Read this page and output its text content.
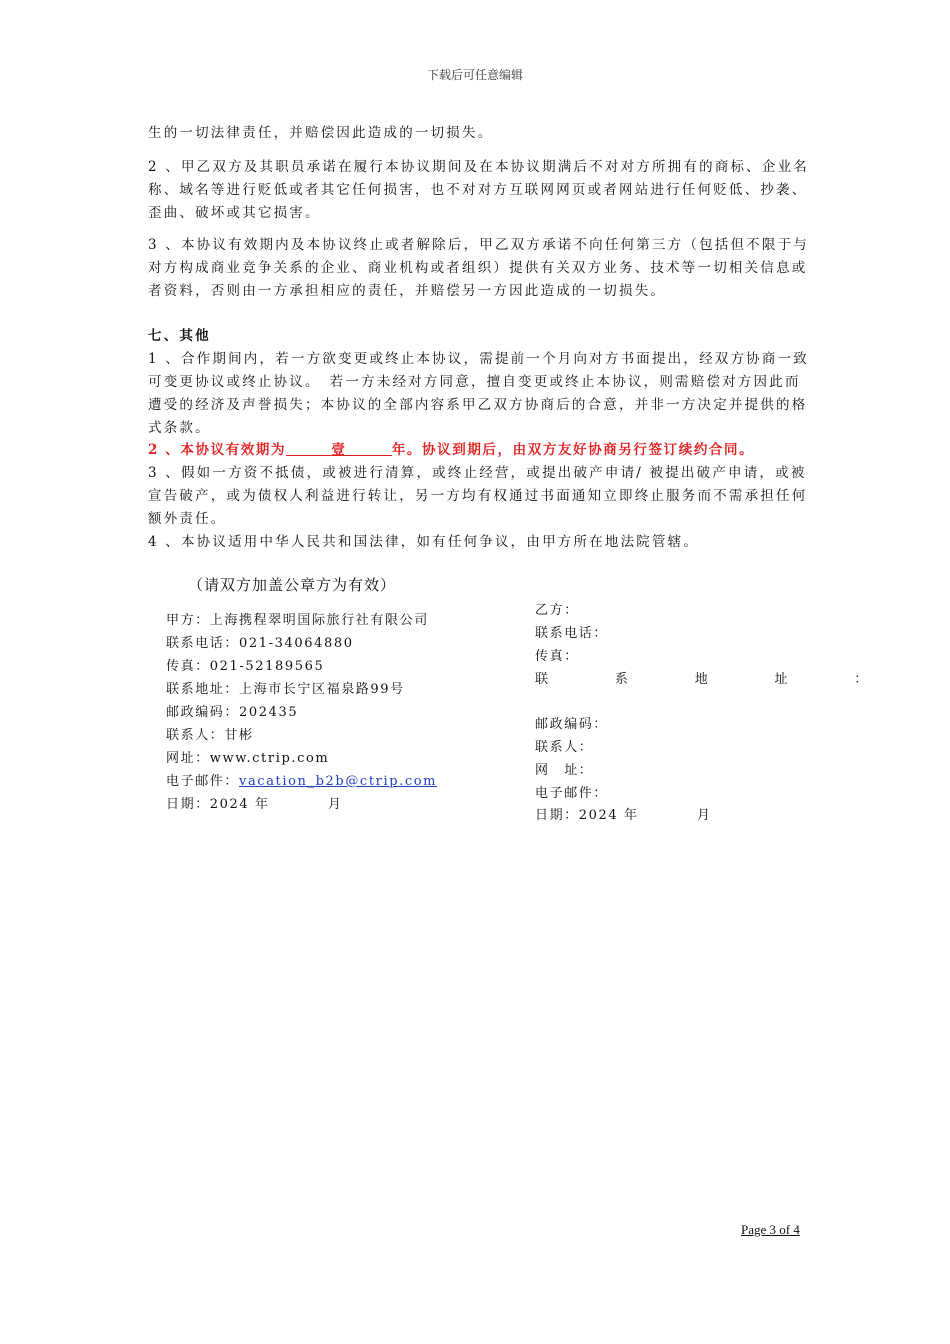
下载后可任意编辑
生的一切法律责任，并赔偿因此造成的一切损失。
2 、甲乙双方及其职员承诺在履行本协议期间及在本协议期满后不对对方所拥有的商标、企业名称、域名等进行贬低或者其它任何损害，也不对对方互联网网页或者网站进行任何贬低、抄袭、歪曲、破坏或其它损害。
3 、本协议有效期内及本协议终止或者解除后，甲乙双方承诺不向任何第三方（包括但不限于与对方构成商业竞争关系的企业、商业机构或者组织）提供有关双方业务、技术等一切相关信息或者资料，否则由一方承担相应的责任，并赔偿另一方因此造成的一切损失。
七、其他
1 、合作期间内，若一方欲变更或终止本协议，需提前一个月向对方书面提出，经双方协商一致可变更协议或终止协议。　若一方未经对方同意，擅自变更或终止本协议，则需赔偿对方因此而遭受的经济及声誉损失；本协议的全部内容系甲乙双方协商后的合意，并非一方决定并提供的格式条款。
2 、本协议有效期为　　　	壹　　　	年。协议到期后，由双方友好协商另行签订续约合同。
3 、假如一方资不抵债，或被进行清算，或终止经营，或提出破产申请/ 被提出破产申请，或被宣告破产，或为债权人利益进行转让，另一方均有权通过书面通知立即终止服务而不需承担任何额外责任。
4 、本协议适用中华人民共和国法律，如有任何争议，由甲方所在地法院管辖。
（请双方加盖公章方为有效）
甲方：上海携程翠明国际旅行社有限公司
联系电话：021-34064880
传真：021-52189565
联系地址：上海市长宁区福泉路99号
邮政编码：202435
联系人：甘彬
网址：www.ctrip.com
电子邮件：vacation_b2b@ctrip.com
日期：2024 年　　　　月
乙方：
联系电话：
传真：
联	系	地	址	：
邮政编码：
联系人：
网　址：
电子邮件：
日期：2024 年　　　　月
Page 3 of 4
